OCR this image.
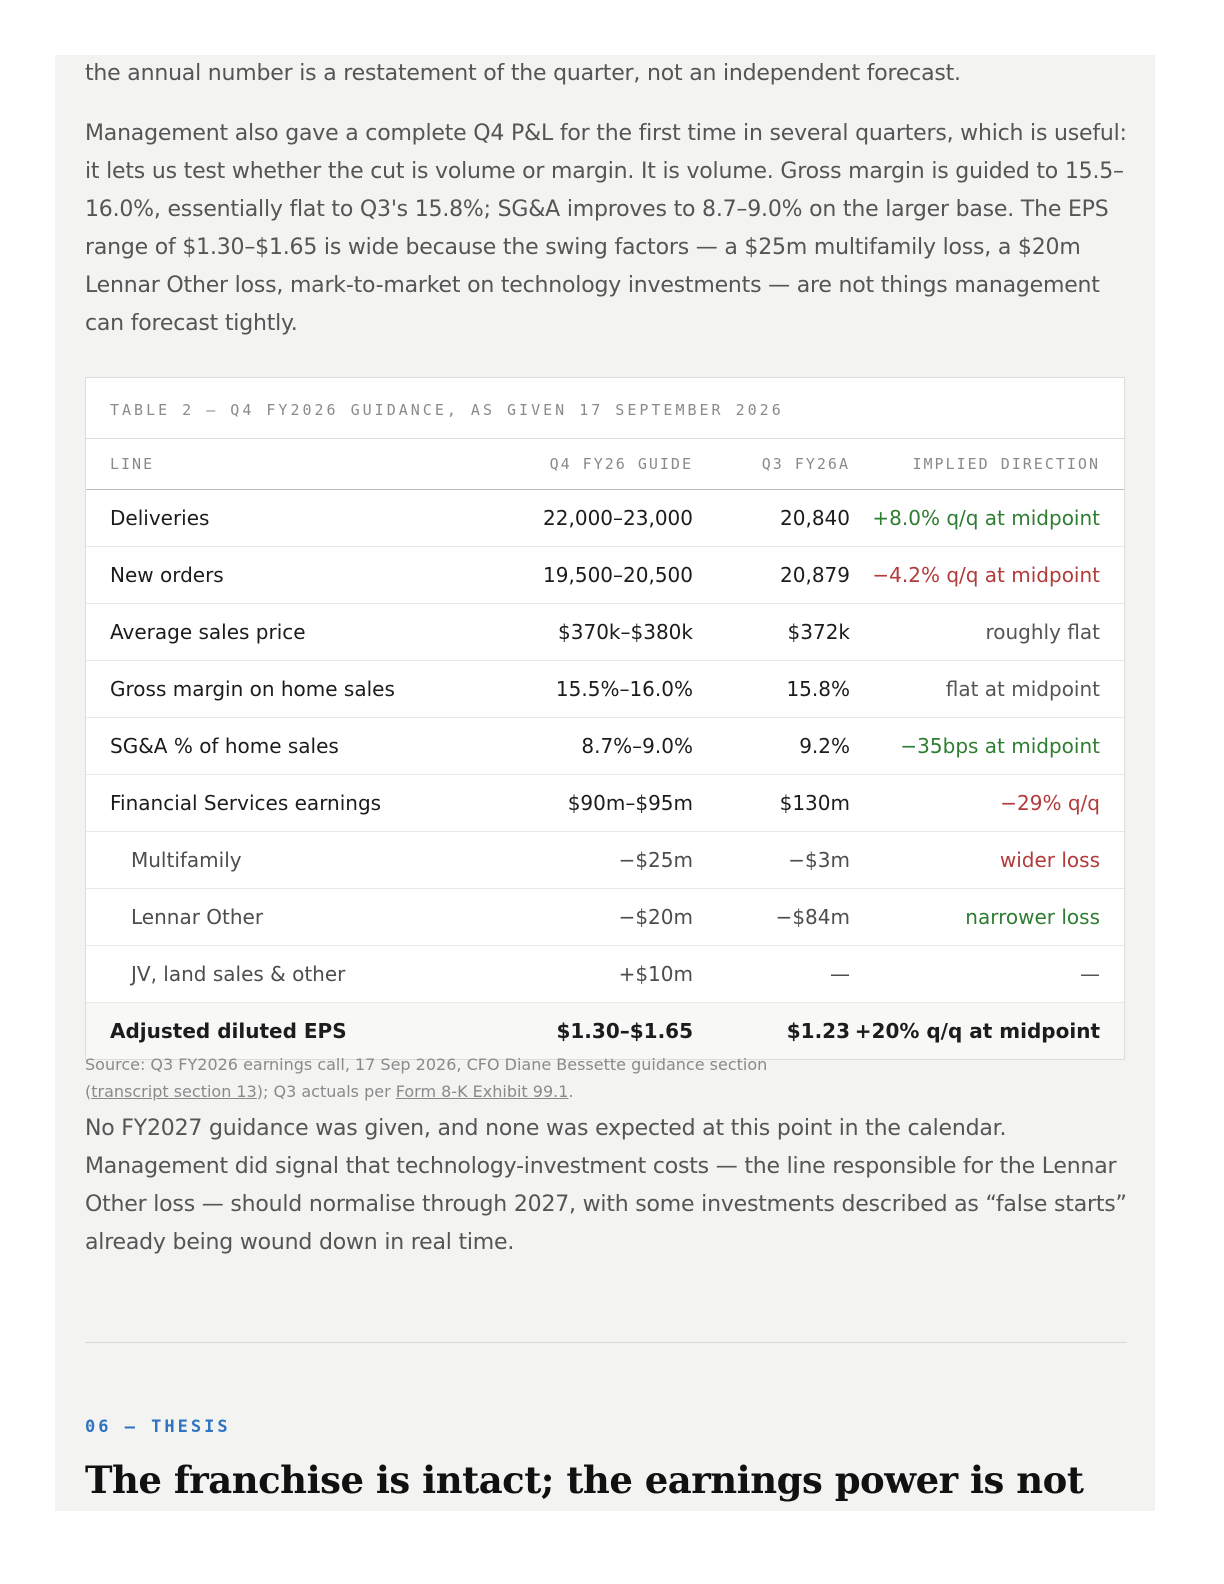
the annual number is a restatement of the quarter, not an independent forecast.

Management also gave a complete Q4 P&L for the first time in several quarters, which is useful: it lets us test whether the cut is volume or margin. It is volume. Gross margin is guided to 15.5–16.0%, essentially flat to Q3's 15.8%; SG&A improves to 8.7–9.0% on the larger base. The EPS range of $1.30–$1.65 is wide because the swing factors — a $25m multifamily loss, a $20m Lennar Other loss, mark-to-market on technology investments — are not things management can forecast tightly.

TABLE 2 — Q4 FY2026 GUIDANCE, AS GIVEN 17 SEPTEMBER 2026
LINE	Q4 FY26 GUIDE	Q3 FY26A	IMPLIED DIRECTION
Deliveries	22,000–23,000	20,840	+8.0% q/q at midpoint
New orders	19,500–20,500	20,879	−4.2% q/q at midpoint
Average sales price	$370k–$380k	$372k	roughly flat
Gross margin on home sales	15.5%–16.0%	15.8%	flat at midpoint
SG&A % of home sales	8.7%–9.0%	9.2%	−35bps at midpoint
Financial Services earnings	$90m–$95m	$130m	−29% q/q
Multifamily	−$25m	−$3m	wider loss
Lennar Other	−$20m	−$84m	narrower loss
JV, land sales & other	+$10m	—	—
Adjusted diluted EPS	$1.30–$1.65	$1.23	+20% q/q at midpoint
Source: Q3 FY2026 earnings call, 17 Sep 2026, CFO Diane Bessette guidance section (transcript section 13); Q3 actuals per Form 8-K Exhibit 99.1.

No FY2027 guidance was given, and none was expected at this point in the calendar. Management did signal that technology-investment costs — the line responsible for the Lennar Other loss — should normalise through 2027, with some investments described as “false starts” already being wound down in real time.

06 — THESIS
The franchise is intact; the earnings power is not
